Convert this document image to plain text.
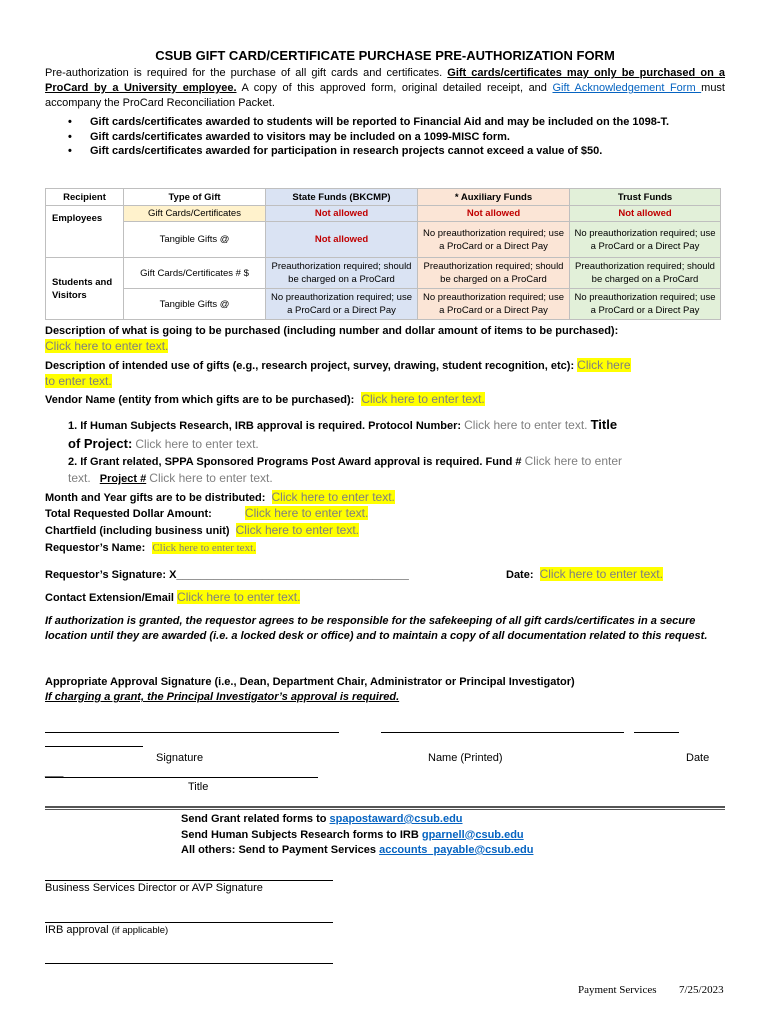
CSUB GIFT CARD/CERTIFICATE PURCHASE PRE-AUTHORIZATION FORM
Pre-authorization is required for the purchase of all gift cards and certificates. Gift cards/certificates may only be purchased on a ProCard by a University employee. A copy of this approved form, original detailed receipt, and Gift Acknowledgement Form must accompany the ProCard Reconciliation Packet.
• Gift cards/certificates awarded to students will be reported to Financial Aid and may be included on the 1098-T.
• Gift cards/certificates awarded to visitors may be included on a 1099-MISC form.
• Gift cards/certificates awarded for participation in research projects cannot exceed a value of $50.
Recipient	Type of Gift	State Funds (BKCMP)	* Auxiliary Funds	Trust Funds
Employees	Gift Cards/Certificates	Not allowed	Not allowed	Not allowed
	Tangible Gifts @	Not allowed	No preauthorization required; use a ProCard or a Direct Pay	No preauthorization required; use a ProCard or a Direct Pay
Students and Visitors	Gift Cards/Certificates # $	Preauthorization required; should be charged on a ProCard	Preauthorization required; should be charged on a ProCard	Preauthorization required; should be charged on a ProCard
	Tangible Gifts @	No preauthorization required; use a ProCard or a Direct Pay	No preauthorization required; use a ProCard or a Direct Pay	No preauthorization required; use a ProCard or a Direct Pay
Description of what is going to be purchased (including number and dollar amount of items to be purchased):
Click here to enter text.
Description of intended use of gifts (e.g., research project, survey, drawing, student recognition, etc): Click here
to enter text.
Vendor Name (entity from which gifts are to be purchased): Click here to enter text.
1. If Human Subjects Research, IRB approval is required. Protocol Number: Click here to enter text. Title
of Project: Click here to enter text.
2. If Grant related, SPPA Sponsored Programs Post Award approval is required. Fund # Click here to enter
text. Project # Click here to enter text.
Month and Year gifts are to be distributed: Click here to enter text.
Total Requested Dollar Amount:	Click here to enter text.
Chartfield (including business unit) Click here to enter text.
Requestor’s Name: Click here to enter text.
Requestor’s Signature: X______________________________________	Date: Click here to enter text.
Contact Extension/Email Click here to enter text.
If authorization is granted, the requestor agrees to be responsible for the safekeeping of all gift cards/certificates in a secure location until they are awarded (i.e. a locked desk or office) and to maintain a copy of all documentation related to this request.
Appropriate Approval Signature (i.e., Dean, Department Chair, Administrator or Principal Investigator)
If charging a grant, the Principal Investigator’s approval is required.
Signature	Name (Printed)	Date
___
Title
Send Grant related forms to spapostaward@csub.edu
Send Human Subjects Research forms to IRB gparnell@csub.edu
All others: Send to Payment Services accounts_payable@csub.edu
Business Services Director or AVP Signature
IRB approval (if applicable)
Payment Services 7/25/2023
